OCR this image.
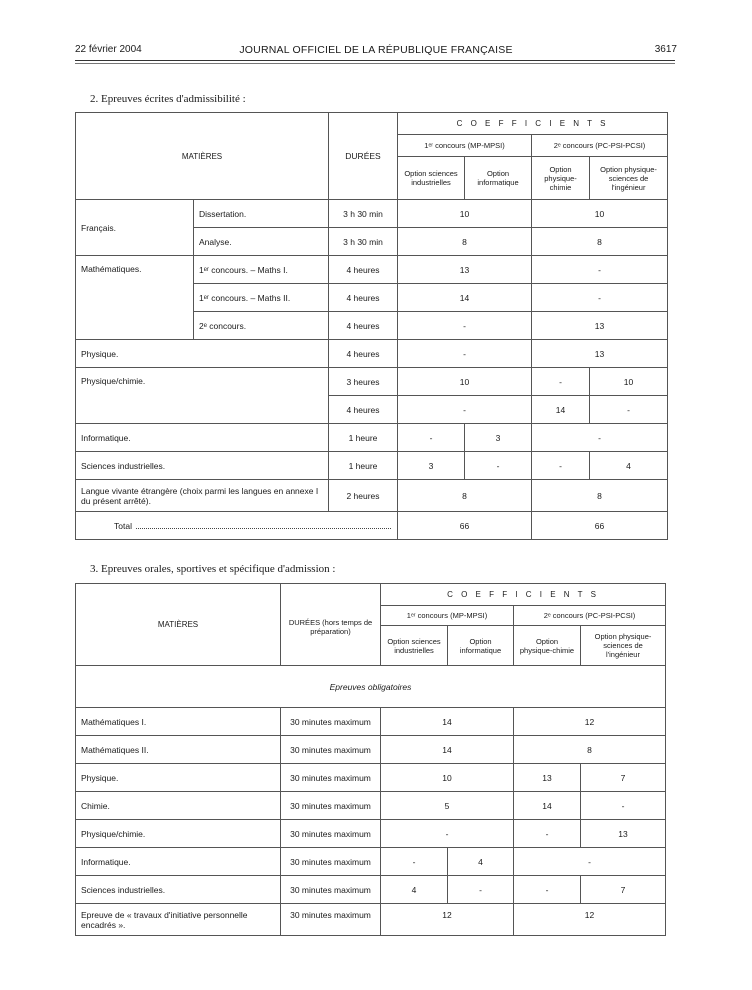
22 février 2004	JOURNAL OFFICIEL DE LA RÉPUBLIQUE FRANÇAISE	3617
2. Epreuves écrites d'admissibilité :
MATIÈRES		DURÉES	C O E F F I C I E N T S			
			1ᵉʳ concours (MP-MPSI)		2ᵉ concours (PC-PSI-PCSI)	
			Option sciences industrielles	Option informatique	Option physique-chimie	Option physique-sciences de l'ingénieur
Français.	Dissertation.	3 h 30 min	10		10	
	Analyse.	3 h 30 min	8		8	
Mathématiques.	1ᵉʳ concours. – Maths I.	4 heures	13		-	
	1ᵉʳ concours. – Maths II.	4 heures	14		-	
	2ᵉ concours.	4 heures	-		13	
Physique.		4 heures	-		13	
Physique/chimie.		3 heures	10		-	10
		4 heures	-		14	-
Informatique.		1 heure	-	3	-	
Sciences industrielles.		1 heure	3	-	-	4
Langue vivante étrangère (choix parmi les langues en annexe I du présent arrêté).		2 heures	8		8	
Total			66		66	
3. Epreuves orales, sportives et spécifique d'admission :
MATIÈRES	DURÉES (hors temps de préparation)	C O E F F I C I E N T S			
		1ᵉʳ concours (MP-MPSI)		2ᵉ concours (PC-PSI-PCSI)	
		Option sciences industrielles	Option informatique	Option physique-chimie	Option physique-sciences de l'ingénieur
Epreuves obligatoires					
Mathématiques I.	30 minutes maximum	14		12	
Mathématiques II.	30 minutes maximum	14		8	
Physique.	30 minutes maximum	10		13	7
Chimie.	30 minutes maximum	5		14	-
Physique/chimie.	30 minutes maximum	-		-	13
Informatique.	30 minutes maximum	-	4	-	
Sciences industrielles.	30 minutes maximum	4	-	-	7
Epreuve de « travaux d'initiative personnelle encadrés ».	30 minutes maximum	12		12	
